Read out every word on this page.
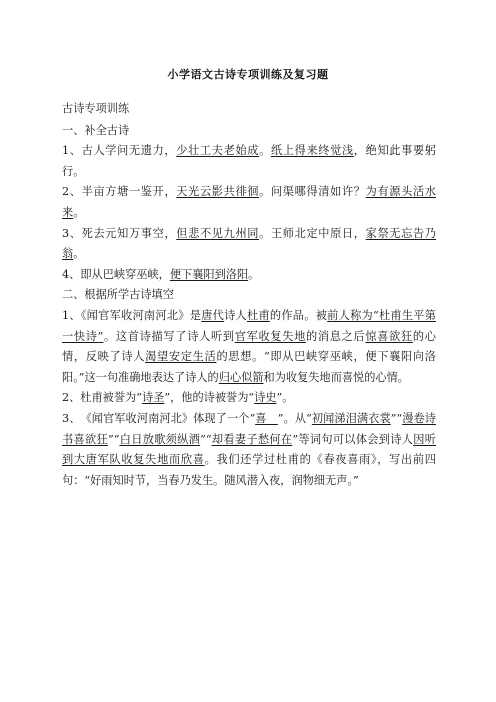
小学语文古诗专项训练及复习题

古诗专项训练

一、补全古诗

1、古人学问无遗力，少壮工夫老始成。纸上得来终觉浅，绝知此事要躬行。

2、半亩方塘一鉴开，天光云影共徘徊。问渠哪得清如许？为有源头活水来。

3、死去元知万事空，但悲不见九州同。王师北定中原日，家祭无忘告乃翁。

4、即从巴峡穿巫峡，便下襄阳到洛阳。

二、根据所学古诗填空

1、《闻官军收河南河北》是唐代诗人杜甫的作品。被前人称为“杜甫生平第一快诗”。这首诗描写了诗人听到官军收复失地的消息之后惊喜欲狂的心情，反映了诗人渴望安定生活的思想。“即从巴峡穿巫峡，便下襄阳向洛阳。”这一句准确地表达了诗人的归心似箭和为收复失地而喜悦的心情。

2、杜甫被誉为“诗圣”，他的诗被誉为“诗史”。

3、　《闻官军收河南河北》体现了一个“喜　”。从“初闻涕泪满衣裳”“漫卷诗书喜欲狂”“白日放歌须纵酒”“却看妻子愁何在”等词句可以体会到诗人因听到大唐军队收复失地而欣喜。我们还学过杜甫的《春夜喜雨》，写出前四句：“好雨知时节，当春乃发生。随风潜入夜，润物细无声。”
